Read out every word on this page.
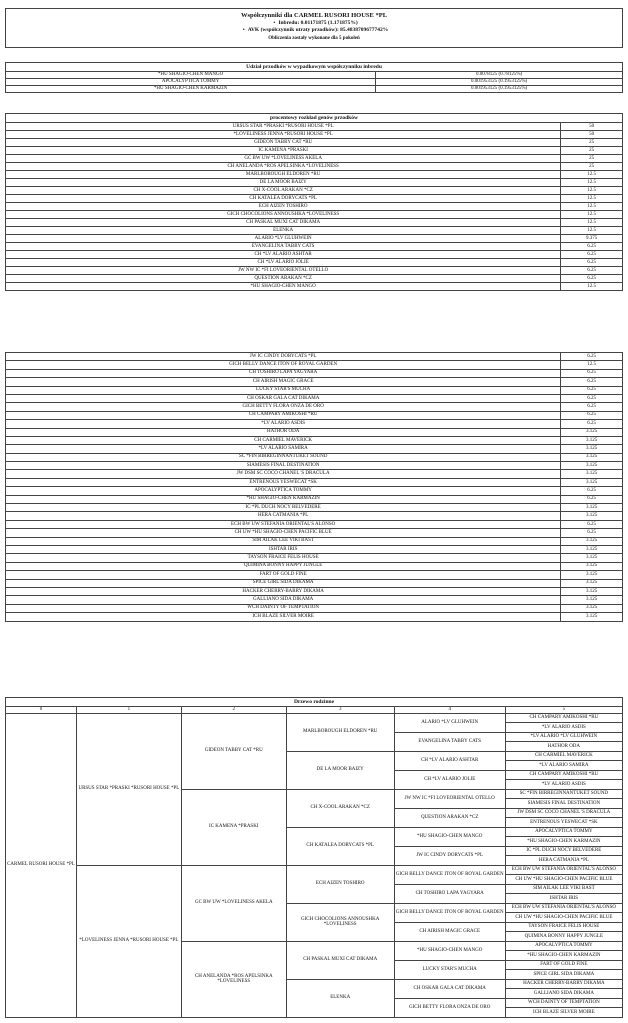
Współczynniki dla CARMEL RUSORI HOUSE *PL
• Inbredu: 0.01171875 (1.171875%)
• AVK (współczynnik utraty przodków): 85.4838709677742%
Obliczenia zostały wykonane dla 5 pokoleń
Udział przodków w wypadkowym współczynniku inbredu	
*HU SHAGIO-CHEN MANGO	0.0078125 (0.78125%)
APOCALYPTICA TOMMY	0.001953125 (0.1953125%)
*HU SHAGIO-CHEN KARMAZIN	0.001953125 (0.1953125%)
procentowy rozkład genów przodków	
URSUS STAR *PRASKI *RUSORI HOUSE *PL	50
*LOVELINESS JENNA *RUSORI HOUSE *PL	50
GIDEON TABBY CAT *RU	25
IC KAMENA *PRASKI	25
GC BW UW *LOVELINESS AKELA	25
CH ANELANDA *ROS APELSINKA *LOVELINESS	25
MARLBOROUGH ELDOREN *RU	12.5
DE LA MOOR BAIZY	12.5
CH X-COOL ARAKAN *CZ	12.5
CH KATALEA DORYCATS *PL	12.5
ECH AIZEN TOSHIRO	12.5
GICH CHOCOLIONS ANNOUSHKA *LOVELINESS	12.5
CH PASKAL MUXI CAT DIKAMA	12.5
ELENKA	12.5
ALARIO *LV GLUHWEIN	9.375
EVANGELINA TABBY CATS	6.25
CH *LV ALARIO ASHTAR	6.25
CH *LV ALARIO JOLIE	6.25
JW NW IC *FI LOVEORIENTAL OTELLO	6.25
QUESTION ARAKAN *CZ	6.25
*HU SHAGIO-CHEN MANGO	12.5
JW IC CINDY DORYCATS *PL	6.25
GICH BELLY DANCE ITON OF ROYAL GARDEN	12.5
CH TOSHIRO LAPA YAGYARA	6.25
CH AIRISH MAGIC GRACE	6.25
LUCKY STAR'S MUCHA	6.25
CH OSKAR GALA CAT DIKAMA	6.25
GICH BETTY FLORA ONZA DE ORO	6.25
CH CAMPARY AMIKOSHI *RU	6.25
*LV ALARIO ASDIS	6.25
HATHOR ODA	3.125
CH CARMIEL MAVERICK	3.125
*LV ALARIO SAMIRA	3.125
SC *FIN BIRREGINNANTUKET SOUND	3.125
SIAMESIS FINAL DESTINATION	3.125
JW DSM SC COCO CHANEL 'S DRACULA	3.125
ENTRENOUS YESWECAT *SK	3.125
APOCALYPTICA TOMMY	6.25
*HU SHAGIO-CHEN KARMAZIN	6.25
IC *PL DUCH NOCY BELVEDERE	3.125
HERA CATMANIA *PL	3.125
ECH BW UW STEFANIA ORIENTAL'S ALONSO	6.25
CH UW *HU SHAGIO-CHEN PACIFIC BLUE	6.25
SIM AILAK LEE VIKI BAST	3.125
ISHTAR IRIS	3.125
TAYSON FRAICE FELIS HOUSE	3.125
QUIMINA BONNY HAPPY JUNGLE	3.125
FART OF GOLD FINE	3.125
SPICE GIRL SIDA DIKAMA	3.125
HACKER CHERRY-BARRY DIKAMA	3.125
GALLIANO SIDA DIKAMA	3.125
WCH DAINTY OF TEMPTATION	3.125
ICH BLAZE SILVER MOIRE	3.125
Drzewo rodzinne					
0	1	2	3	4	5
CARMEL RUSORI HOUSE *PL	URSUS STAR *PRASKI *RUSORI HOUSE *PL	GIDEON TABBY CAT *RU	MARLBOROUGH ELDOREN *RU	ALARIO *LV GLUHWEIN	CH CAMPARY AMIKOSHI *RU
					*LV ALARIO ASDIS
				EVANGELINA TABBY CATS	*LV ALARIO *LV GLUHWEIN
					HATHOR ODA
			DE LA MOOR BAIZY	CH *LV ALARIO ASHTAR	CH CARMIEL MAVERICK
					*LV ALARIO SAMIRA
				CH *LV ALARIO JOLIE	CH CAMPARY AMIKOSHI *RU
					*LV ALARIO ASDIS
		IC KAMENA *PRASKI	CH X-COOL ARAKAN *CZ	JW NW IC *FI LOVEORIENTAL OTELLO	SC *FIN BIRREGINNANTUKET SOUND
					SIAMESIS FINAL DESTINATION
				QUESTION ARAKAN *CZ	JW DSM SC COCO CHANEL 'S DRACULA
					ENTRENOUS YESWECAT *SK
			CH KATALEA DORYCATS *PL	*HU SHAGIO-CHEN MANGO	APOCALYPTICA TOMMY
					*HU SHAGIO-CHEN KARMAZIN
				JW IC CINDY DORYCATS *PL	IC *PL DUCH NOCY BELVEDERE
					HERA CATMANIA *PL
	*LOVELINESS JENNA *RUSORI HOUSE *PL	GC BW UW *LOVELINESS AKELA	ECH AIZEN TOSHIRO	GICH BELLY DANCE ITON OF ROYAL GARDEN	ECH BW UW STEFANIA ORIENTAL'S ALONSO
					CH UW *HU SHAGIO-CHEN PACIFIC BLUE
				CH TOSHIRO LAPA YAGYARA	SIM AILAK LEE VIKI BAST
					ISHTAR IRIS
			GICH CHOCOLIONS ANNOUSHKA *LOVELINESS	GICH BELLY DANCE ITON OF ROYAL GARDEN	ECH BW UW STEFANIA ORIENTAL'S ALONSO
					CH UW *HU SHAGIO-CHEN PACIFIC BLUE
				CH AIRISH MAGIC GRACE	TAYSON FRAICE FELIS HOUSE
					QUIMINA BONNY HAPPY JUNGLE
		CH ANELANDA *ROS APELSINKA *LOVELINESS	CH PASKAL MUXI CAT DIKAMA	*HU SHAGIO-CHEN MANGO	APOCALYPTICA TOMMY
					*HU SHAGIO-CHEN KARMAZIN
				LUCKY STAR'S MUCHA	FART OF GOLD FINE
					SPICE GIRL SIDA DIKAMA
			ELENKA	CH OSKAR GALA CAT DIKAMA	HACKER CHERRY-BARRY DIKAMA
					GALLIANO SIDA DIKAMA
				GICH BETTY FLORA ONZA DE ORO	WCH DAINTY OF TEMPTATION
					ICH BLAZE SILVER MOIRE
